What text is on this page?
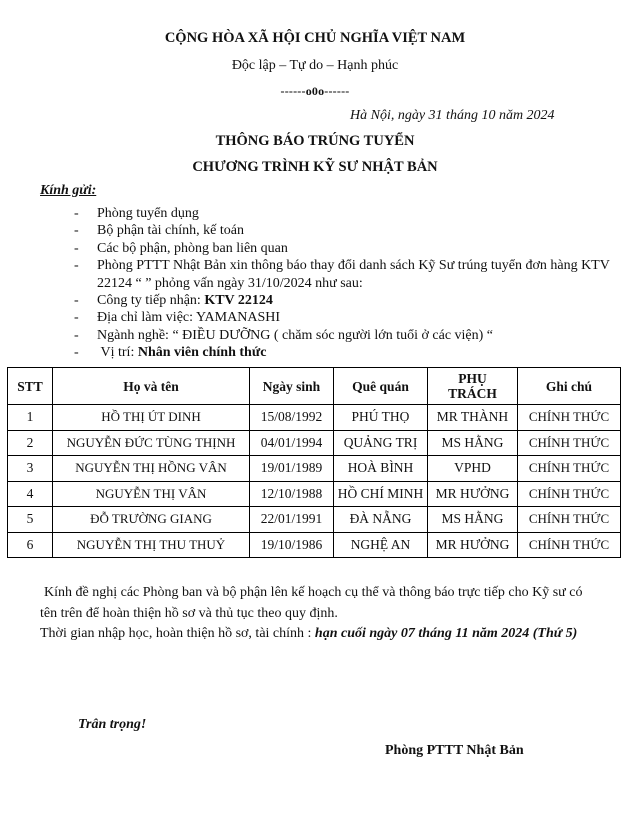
CỘNG HÒA XÃ HỘI CHỦ NGHĨA VIỆT NAM
Độc lập – Tự do – Hạnh phúc
------o0o------
Hà Nội, ngày 31 tháng 10 năm 2024
THÔNG BÁO TRÚNG TUYỂN
CHƯƠNG TRÌNH KỸ SƯ NHẬT BẢN
Kính gửi:
- Phòng tuyển dụng
- Bộ phận tài chính, kế toán
- Các bộ phận, phòng ban liên quan
- Phòng PTTT Nhật Bản xin thông báo thay đổi danh sách Kỹ Sư trúng tuyển đơn hàng KTV 22124 “ ” phỏng vấn ngày 31/10/2024 như sau:
- Công ty tiếp nhận: KTV 22124
- Địa chỉ làm việc: YAMANASHI
- Ngành nghề: “ ĐIỀU DƯỠNG ( chăm sóc người lớn tuổi ở các viện) “
- Vị trí: Nhân viên chính thức
STT	Họ và tên	Ngày sinh	Quê quán	PHỤ TRÁCH	Ghi chú
1	HỒ THỊ ÚT DINH	15/08/1992	PHÚ THỌ	MR THÀNH	CHÍNH THỨC
2	NGUYỄN ĐỨC TÙNG THỊNH	04/01/1994	QUẢNG TRỊ	MS HẰNG	CHÍNH THỨC
3	NGUYỄN THỊ HỒNG VÂN	19/01/1989	HOÀ BÌNH	VPHD	CHÍNH THỨC
4	NGUYỄN THỊ VÂN	12/10/1988	HỒ CHÍ MINH	MR HƯỞNG	CHÍNH THỨC
5	ĐỖ TRƯỜNG GIANG	22/01/1991	ĐÀ NẴNG	MS HẰNG	CHÍNH THỨC
6	NGUYỄN THỊ THU THUỶ	19/10/1986	NGHỆ AN	MR HƯỞNG	CHÍNH THỨC
Kính đề nghị các Phòng ban và bộ phận lên kế hoạch cụ thể và thông báo trực tiếp cho Kỹ sư có tên trên để hoàn thiện hồ sơ và thủ tục theo quy định.
Thời gian nhập học, hoàn thiện hồ sơ, tài chính : hạn cuối ngày 07 tháng 11 năm 2024 (Thứ 5)
Trân trọng!
Phòng PTTT Nhật Bản
